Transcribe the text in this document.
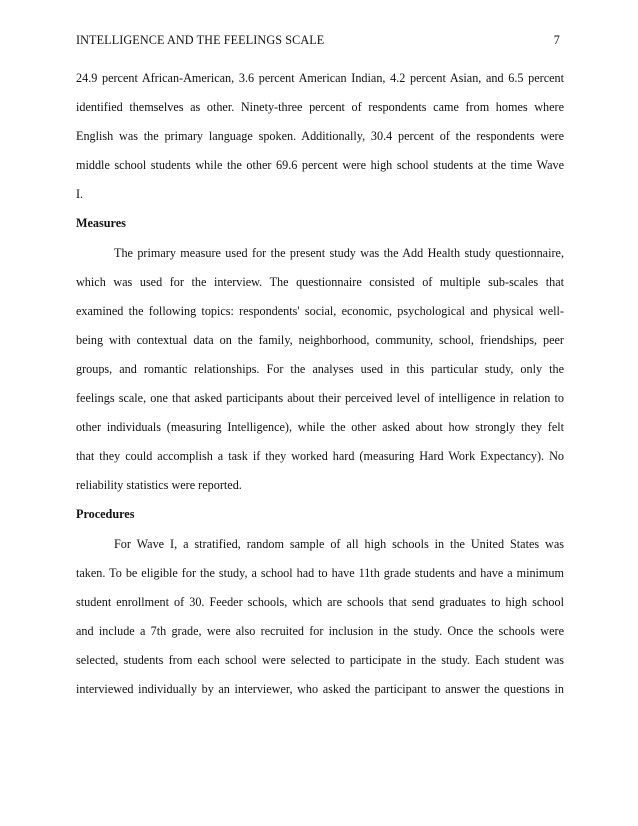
INTELLIGENCE AND THE FEELINGS SCALE	7
24.9 percent African-American, 3.6 percent American Indian, 4.2 percent Asian, and 6.5 percent
identified themselves as other. Ninety-three percent of respondents came from homes where
English was the primary language spoken. Additionally, 30.4 percent of the respondents were
middle school students while the other 69.6 percent were high school students at the time Wave
I.
Measures
The primary measure used for the present study was the Add Health study questionnaire,
which was used for the interview. The questionnaire consisted of multiple sub-scales that
examined the following topics: respondents' social, economic, psychological and physical well-
being with contextual data on the family, neighborhood, community, school, friendships, peer
groups, and romantic relationships. For the analyses used in this particular study, only the
feelings scale, one that asked participants about their perceived level of intelligence in relation to
other individuals (measuring Intelligence), while the other asked about how strongly they felt
that they could accomplish a task if they worked hard (measuring Hard Work Expectancy). No
reliability statistics were reported.
Procedures
For Wave I, a stratified, random sample of all high schools in the United States was
taken. To be eligible for the study, a school had to have 11th grade students and have a minimum
student enrollment of 30. Feeder schools, which are schools that send graduates to high school
and include a 7th grade, were also recruited for inclusion in the study. Once the schools were
selected, students from each school were selected to participate in the study. Each student was
interviewed individually by an interviewer, who asked the participant to answer the questions in
